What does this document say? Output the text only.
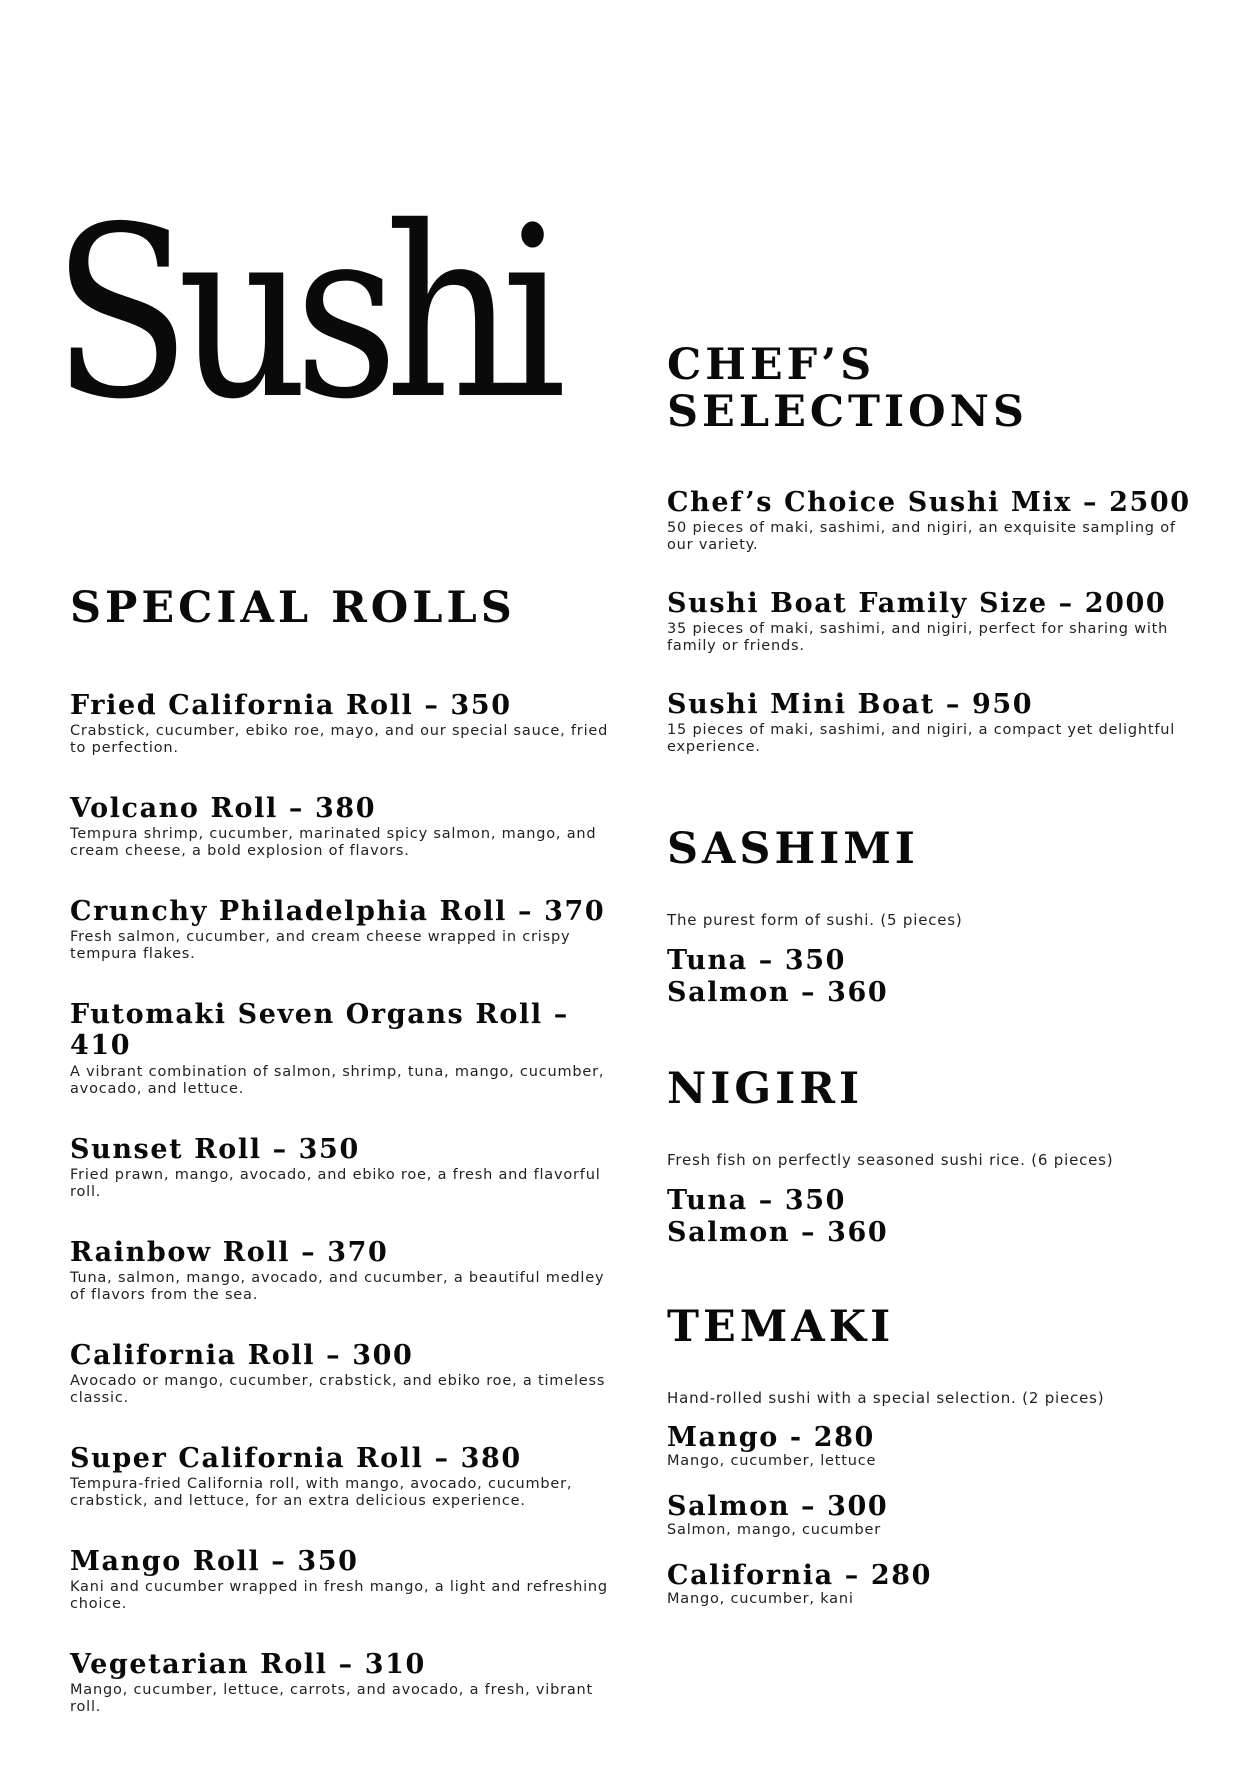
Sushi
SPECIAL ROLLS

Fried California Roll – 350

Crabstick, cucumber, ebiko roe, mayo, and our special sauce, fried to perfection.

Volcano Roll – 380

Tempura shrimp, cucumber, marinated spicy salmon, mango, and cream cheese, a bold explosion of flavors.

Crunchy Philadelphia Roll – 370

Fresh salmon, cucumber, and cream cheese wrapped in crispy tempura flakes.

Futomaki Seven Organs Roll – 410

A vibrant combination of salmon, shrimp, tuna, mango, cucumber, avocado, and lettuce.

Sunset Roll – 350

Fried prawn, mango, avocado, and ebiko roe, a fresh and flavorful roll.

Rainbow Roll – 370

Tuna, salmon, mango, avocado, and cucumber, a beautiful medley of flavors from the sea.

California Roll – 300

Avocado or mango, cucumber, crabstick, and ebiko roe, a timeless classic.

Super California Roll – 380

Tempura-fried California roll, with mango, avocado, cucumber, crabstick, and lettuce, for an extra delicious experience.

Mango Roll – 350

Kani and cucumber wrapped in fresh mango, a light and refreshing choice.

Vegetarian Roll – 310

Mango, cucumber, lettuce, carrots, and avocado, a fresh, vibrant roll.

CHEF’S SELECTIONS

Chef’s Choice Sushi Mix – 2500

50 pieces of maki, sashimi, and nigiri, an exquisite sampling of our variety.

Sushi Boat Family Size – 2000

35 pieces of maki, sashimi, and nigiri, perfect for sharing with family or friends.

Sushi Mini Boat – 950

15 pieces of maki, sashimi, and nigiri, a compact yet delightful experience.

SASHIMI

The purest form of sushi. (5 pieces)

Tuna – 350

Salmon – 360

NIGIRI

Fresh fish on perfectly seasoned sushi rice. (6 pieces)

Tuna – 350

Salmon – 360

TEMAKI

Hand-rolled sushi with a special selection. (2 pieces)

Mango - 280

Mango, cucumber, lettuce

Salmon – 300

Salmon, mango, cucumber

California – 280

Mango, cucumber, kani
